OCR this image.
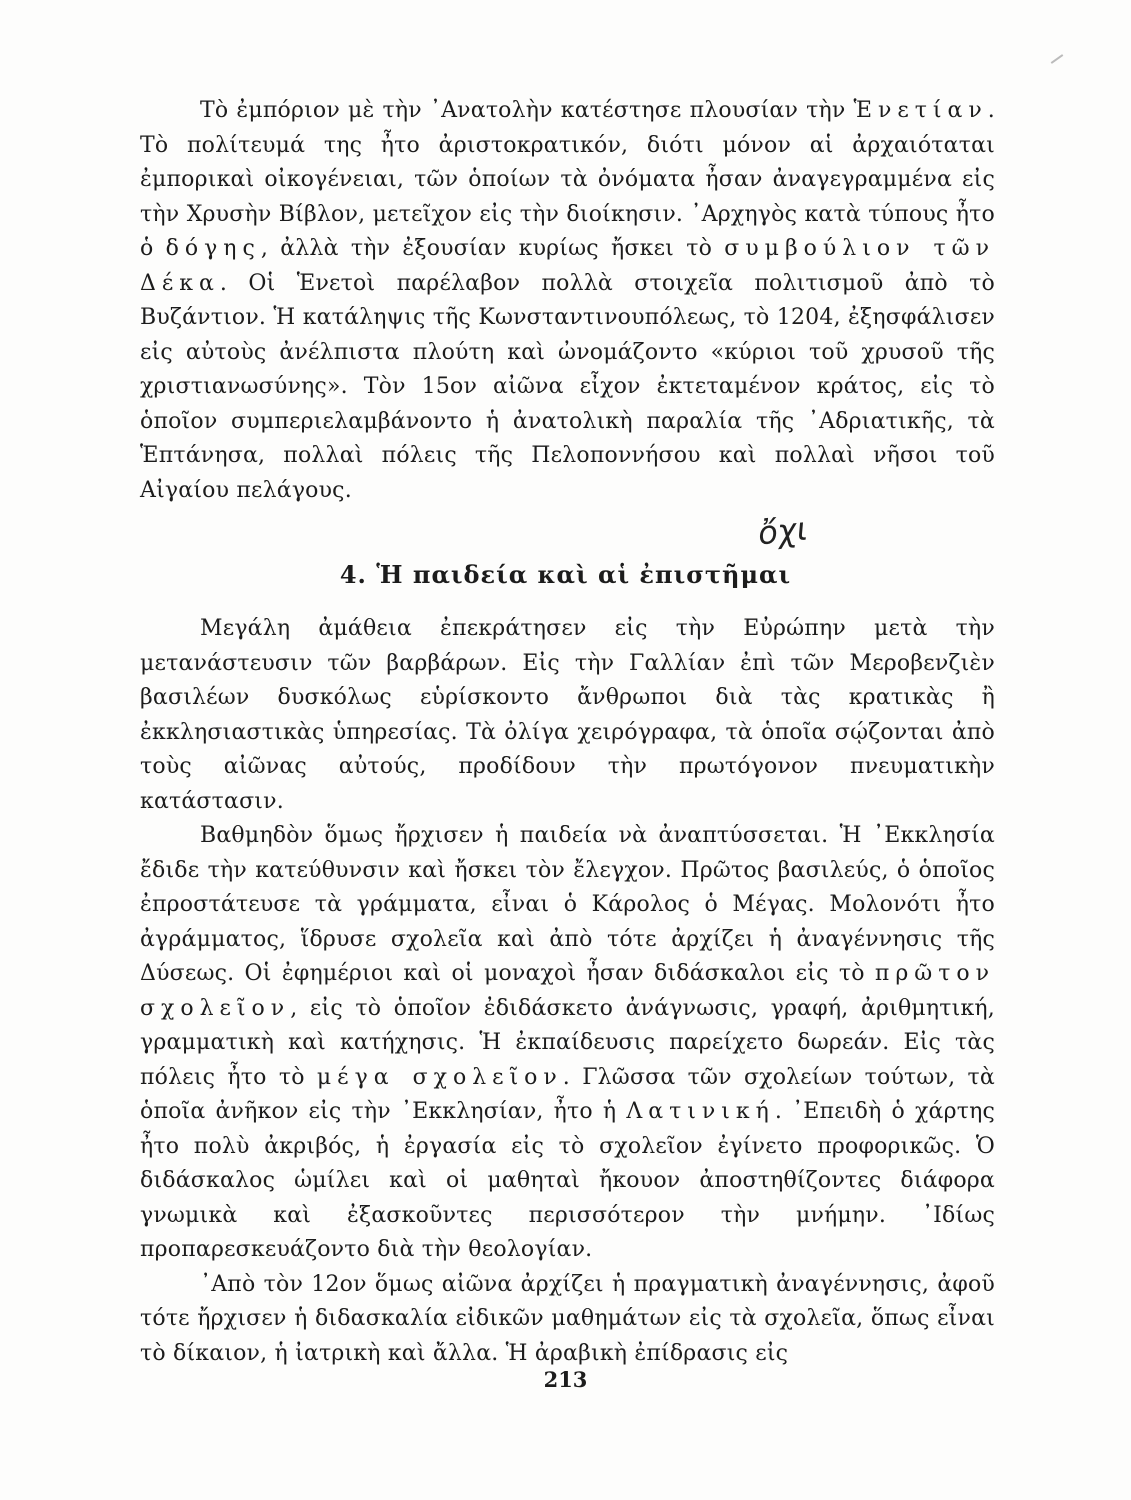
Τὸ ἐμπόριον μὲ τὴν ᾿Ανατολὴν κατέστησε πλουσίαν τὴν Ἑνετίαν. Τὸ πολίτευμά της ἦτο ἀριστοκρατικόν, διότι μόνον αἱ ἀρχαιόταται ἐμπορικαὶ οἰκογένειαι, τῶν ὁποίων τὰ ὀνόματα ἦσαν ἀναγεγραμμένα εἰς τὴν Χρυσὴν Βίβλον, μετεῖχον εἰς τὴν διοίκησιν. ᾿Αρχηγὸς κατὰ τύπους ἦτο ὁ δόγης, ἀλλὰ τὴν ἐξουσίαν κυρίως ἤσκει τὸ συμβούλιον τῶν Δέκα. Οἱ Ἑνετοὶ παρέλαβον πολλὰ στοιχεῖα πολιτισμοῦ ἀπὸ τὸ Βυζάντιον. Ἡ κατάληψις τῆς Κωνσταντινουπόλεως, τὸ 1204, ἐξησφάλισεν εἰς αὐτοὺς ἀνέλπιστα πλούτη καὶ ὠνομάζοντο «κύριοι τοῦ χρυσοῦ τῆς χριστιανωσύνης». Τὸν 15ον αἰῶνα εἶχον ἐκτεταμένον κράτος, εἰς τὸ ὁποῖον συμπεριελαμβάνοντο ἡ ἀνατολικὴ παραλία τῆς ᾿Αδριατικῆς, τὰ Ἑπτάνησα, πολλαὶ πόλεις τῆς Πελοποννήσου καὶ πολλαὶ νῆσοι τοῦ Αἰγαίου πελάγους.

ὄχι
4. Ἡ παιδεία καὶ αἱ ἐπιστῆμαι

Μεγάλη ἀμάθεια ἐπεκράτησεν εἰς τὴν Εὐρώπην μετὰ τὴν μετανάστευσιν τῶν βαρβάρων. Εἰς τὴν Γαλλίαν ἐπὶ τῶν Μεροβενζιὲν βασιλέων δυσκόλως εὑρίσκοντο ἄνθρωποι διὰ τὰς κρατικὰς ἢ ἐκκλησιαστικὰς ὑπηρεσίας. Τὰ ὀλίγα χειρόγραφα, τὰ ὁποῖα σῴζονται ἀπὸ τοὺς αἰῶνας αὐτούς, προδίδουν τὴν πρωτόγονον πνευματικὴν κατάστασιν.

Βαθμηδὸν ὅμως ἤρχισεν ἡ παιδεία νὰ ἀναπτύσσεται. Ἡ ᾿Εκκλησία ἔδιδε τὴν κατεύθυνσιν καὶ ἤσκει τὸν ἔλεγχον. Πρῶτος βασιλεύς, ὁ ὁποῖος ἐπροστάτευσε τὰ γράμματα, εἶναι ὁ Κάρολος ὁ Μέγας. Μολονότι ἦτο ἀγράμματος, ἵδρυσε σχολεῖα καὶ ἀπὸ τότε ἀρχίζει ἡ ἀναγέννησις τῆς Δύσεως. Οἱ ἐφημέριοι καὶ οἱ μοναχοὶ ἦσαν διδάσκαλοι εἰς τὸ πρῶτον σχολεῖον, εἰς τὸ ὁποῖον ἐδιδάσκετο ἀνάγνωσις, γραφή, ἀριθμητική, γραμματικὴ καὶ κατήχησις. Ἡ ἐκπαίδευσις παρείχετο δωρεάν. Εἰς τὰς πόλεις ἦτο τὸ μέγα σχολεῖον. Γλῶσσα τῶν σχολείων τούτων, τὰ ὁποῖα ἀνῆκον εἰς τὴν ᾿Εκκλησίαν, ἦτο ἡ Λατινική. ᾿Επειδὴ ὁ χάρτης ἦτο πολὺ ἀκριβός, ἡ ἐργασία εἰς τὸ σχολεῖον ἐγίνετο προφορικῶς. Ὁ διδάσκαλος ὡμίλει καὶ οἱ μαθηταὶ ἤκουον ἀποστηθίζοντες διάφορα γνωμικὰ καὶ ἐξασκοῦντες περισσότερον τὴν μνήμην. ᾿Ιδίως προπαρεσκευάζοντο διὰ τὴν θεολογίαν.

᾿Απὸ τὸν 12ον ὅμως αἰῶνα ἀρχίζει ἡ πραγματικὴ ἀναγέννησις, ἀφοῦ τότε ἤρχισεν ἡ διδασκαλία εἰδικῶν μαθημάτων εἰς τὰ σχολεῖα, ὅπως εἶναι τὸ δίκαιον, ἡ ἰατρικὴ καὶ ἄλλα. Ἡ ἀραβικὴ ἐπίδρασις εἰς

213
